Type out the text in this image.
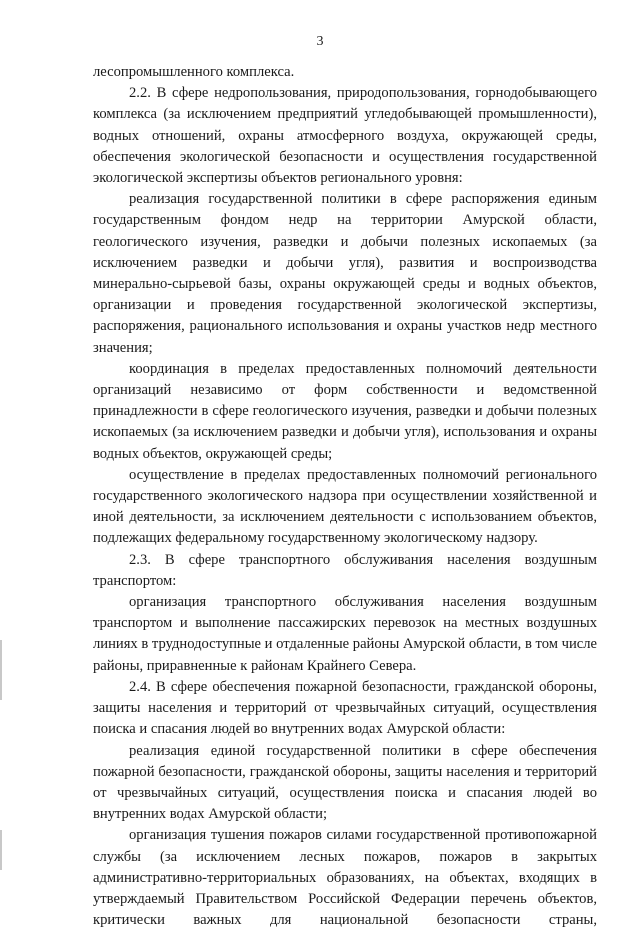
3

лесопромышленного комплекса.

2.2. В сфере недропользования, природопользования, горнодобывающего комплекса (за исключением предприятий угледобывающей промышленности), водных отношений, охраны атмосферного воздуха, окружающей среды, обеспечения экологической безопасности и осуществления государственной экологической экспертизы объектов регионального уровня:

реализация государственной политики в сфере распоряжения единым государственным фондом недр на территории Амурской области, геологического изучения, разведки и добычи полезных ископаемых (за исключением разведки и добычи угля), развития и воспроизводства минерально-сырьевой базы, охраны окружающей среды и водных объектов, организации и проведения государственной экологической экспертизы, распоряжения, рационального использования и охраны участков недр местного значения;

координация в пределах предоставленных полномочий деятельности организаций независимо от форм собственности и ведомственной принадлежности в сфере геологического изучения, разведки и добычи полезных ископаемых (за исключением разведки и добычи угля), использования и охраны водных объектов, окружающей среды;

осуществление в пределах предоставленных полномочий регионального государственного экологического надзора при осуществлении хозяйственной и иной деятельности, за исключением деятельности с использованием объектов, подлежащих федеральному государственному экологическому надзору.

2.3. В сфере транспортного обслуживания населения воздушным транспортом:

организация транспортного обслуживания населения воздушным транспортом и выполнение пассажирских перевозок на местных воздушных линиях в труднодоступные и отдаленные районы Амурской области, в том числе районы, приравненные к районам Крайнего Севера.

2.4. В сфере обеспечения пожарной безопасности, гражданской обороны, защиты населения и территорий от чрезвычайных ситуаций, осуществления поиска и спасания людей во внутренних водах Амурской области:

реализация единой государственной политики в сфере обеспечения пожарной безопасности, гражданской обороны, защиты населения и территорий от чрезвычайных ситуаций, осуществления поиска и спасания людей во внутренних водах Амурской области;

организация тушения пожаров силами государственной противопожарной службы (за исключением лесных пожаров, пожаров в закрытых административно-территориальных образованиях, на объектах, входящих в утверждаемый Правительством Российской Федерации перечень объектов, критически важных для национальной безопасности страны,
